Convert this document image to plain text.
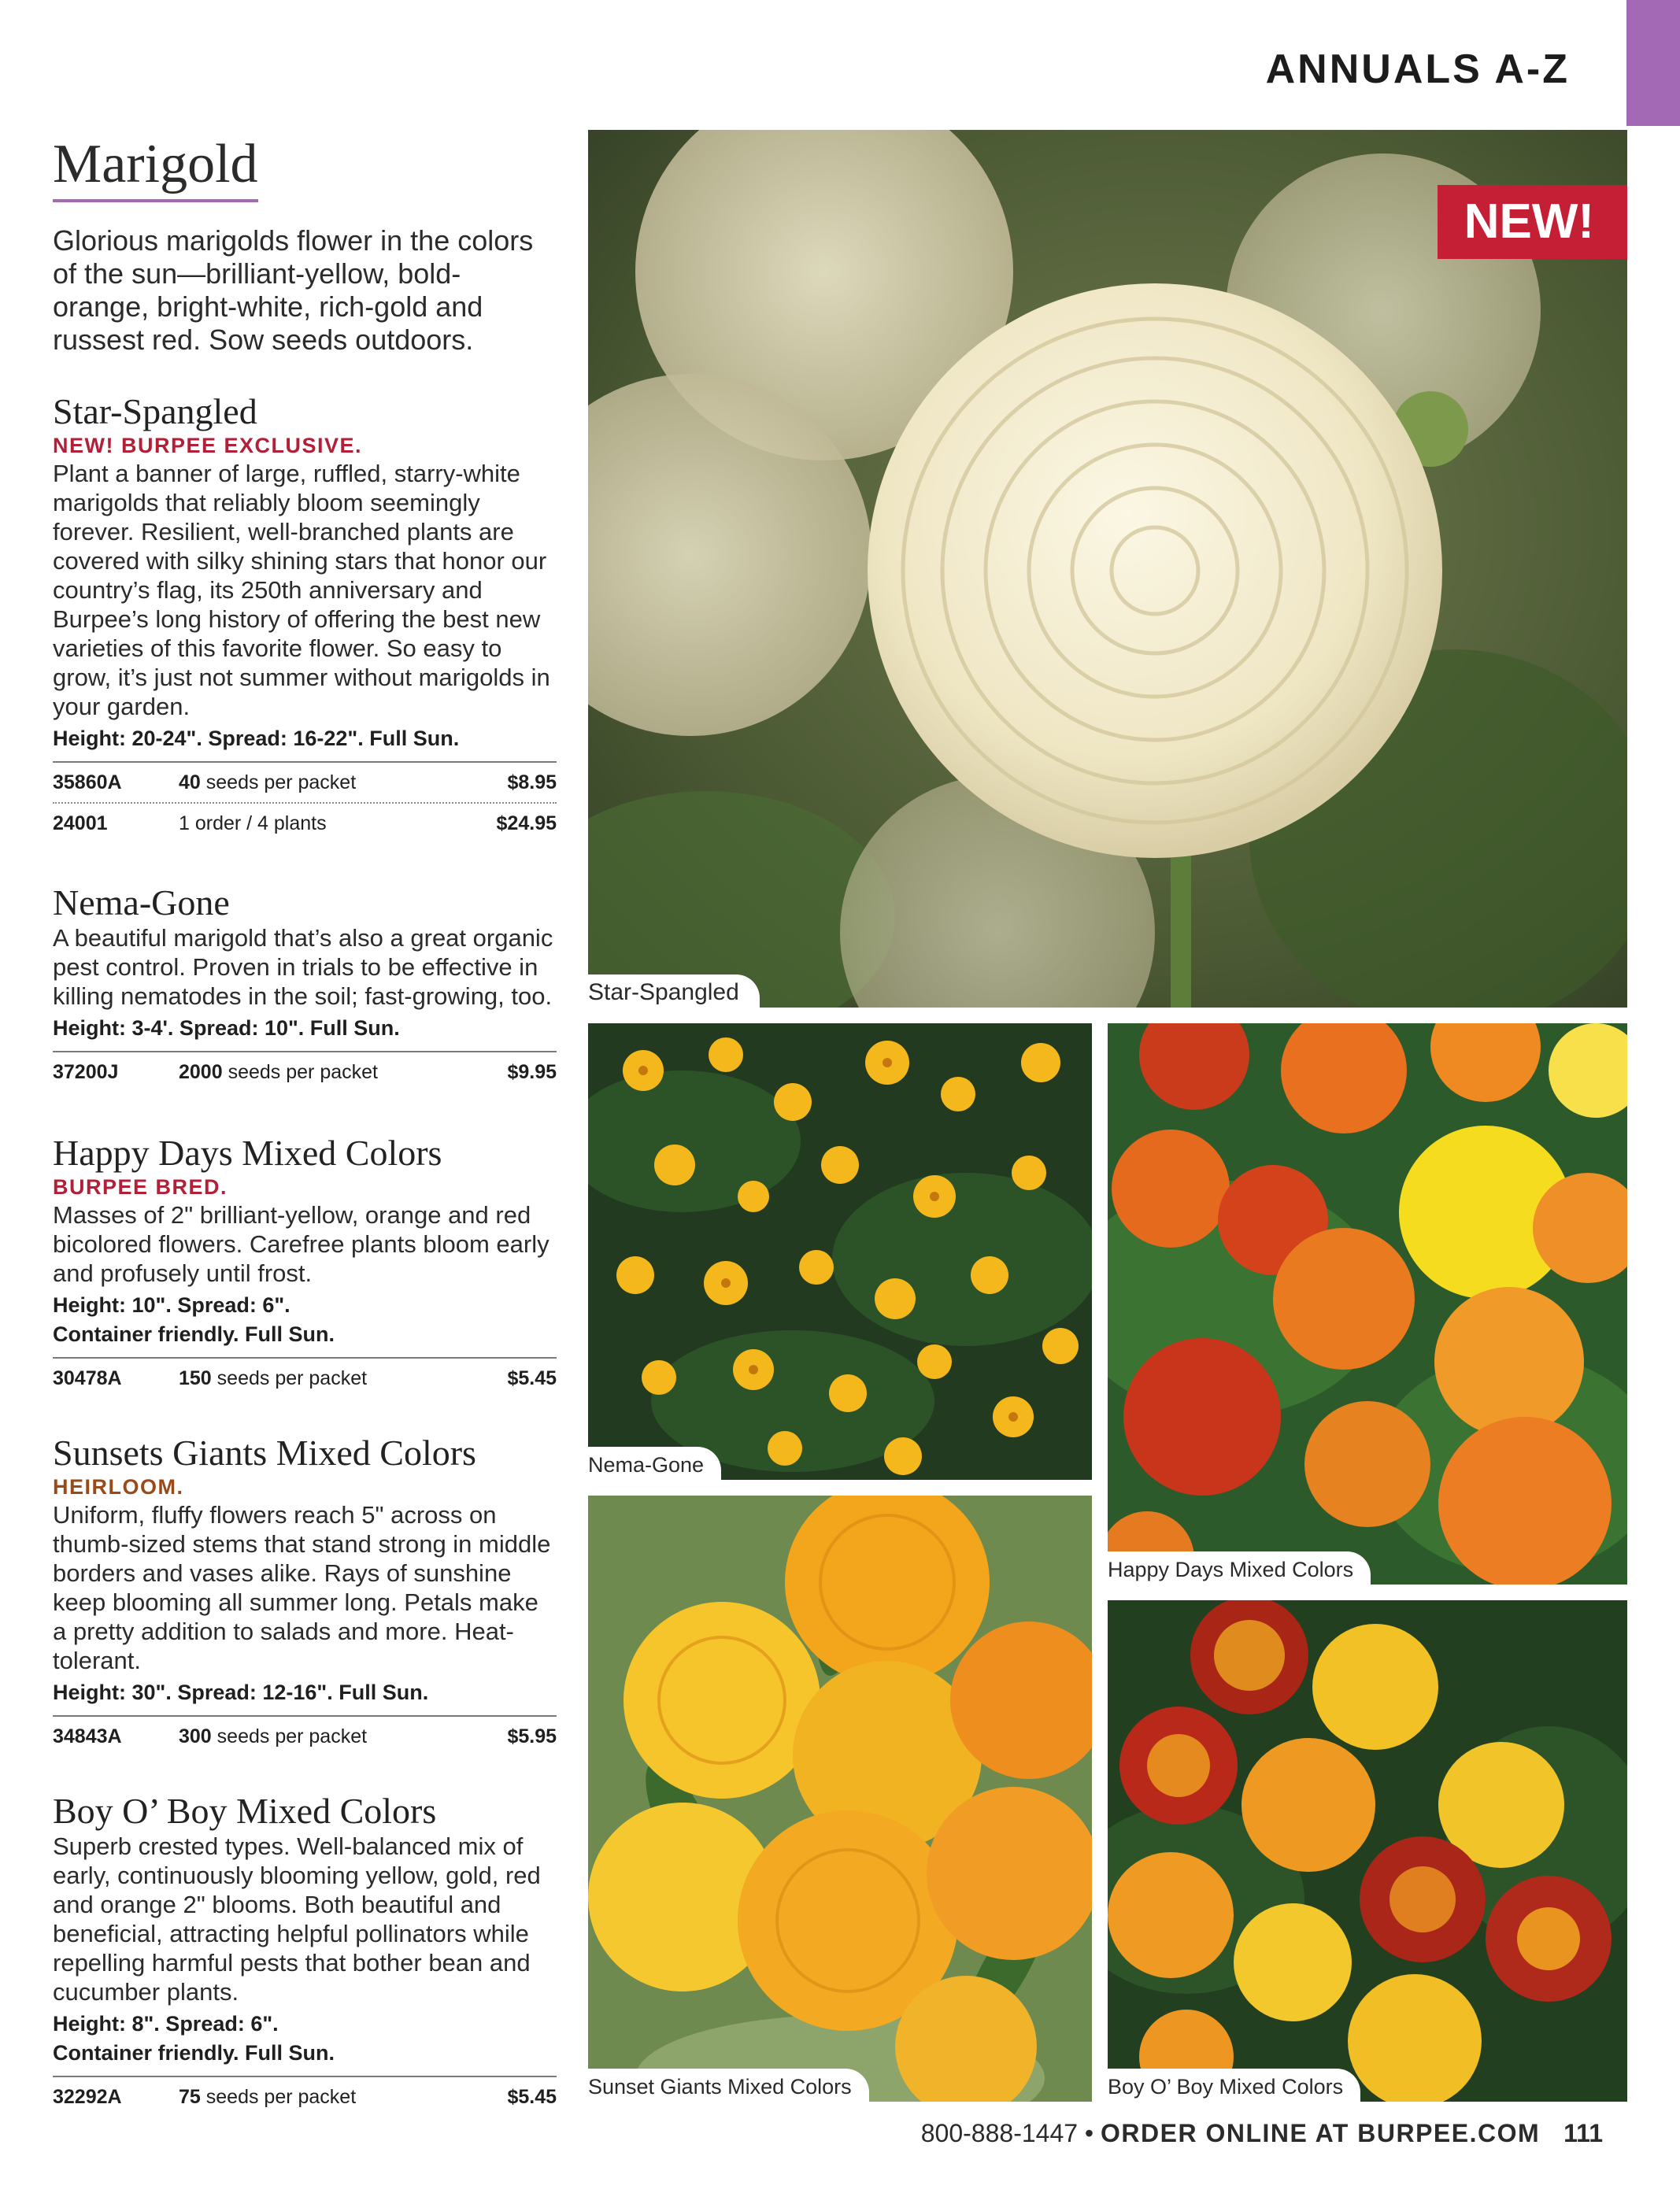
ANNUALS A-Z
Marigold

Glorious marigolds flower in the colors of the sun—brilliant-yellow, bold-orange, bright-white, rich-gold and russest red. Sow seeds outdoors.

Star-Spangled
NEW! BURPEE EXCLUSIVE.

Plant a banner of large, ruffled, starry-white marigolds that reliably bloom seemingly forever. Resilient, well-branched plants are covered with silky shining stars that honor our country’s flag, its 250th anniversary and Burpee’s long history of offering the best new varieties of this favorite flower. So easy to grow, it’s just not summer without marigolds in your garden.

Height: 20-24". Spread: 16-22". Full Sun.

35860A	40 seeds per packet	$8.95
24001	1 order / 4 plants	$24.95
Nema-Gone

A beautiful marigold that’s also a great organic pest control. Proven in trials to be effective in killing nematodes in the soil; fast-growing, too.

Height: 3-4'. Spread: 10". Full Sun.

37200J	2000 seeds per packet	$9.95
Happy Days Mixed Colors
BURPEE BRED.

Masses of 2" brilliant-yellow, orange and red bicolored flowers. Carefree plants bloom early and profusely until frost.

Height: 10". Spread: 6".

Container friendly. Full Sun.

30478A	150 seeds per packet	$5.45
Sunsets Giants Mixed Colors
HEIRLOOM.

Uniform, fluffy flowers reach 5" across on thumb-sized stems that stand strong in middle borders and vases alike. Rays of sunshine keep blooming all summer long. Petals make a pretty addition to salads and more. Heat-tolerant.

Height: 30". Spread: 12-16". Full Sun.

34843A	300 seeds per packet	$5.95
Boy O’ Boy Mixed Colors

Superb crested types. Well-balanced mix of early, continuously blooming yellow, gold, red and orange 2" blooms. Both beautiful and beneficial, attracting helpful pollinators while repelling harmful pests that bother bean and cucumber plants.

Height: 8". Spread: 6".

Container friendly. Full Sun.

32292A	75 seeds per packet	$5.45
NEW!
Star-Spangled
Nema-Gone
Happy Days Mixed Colors
Sunset Giants Mixed Colors	Boy O’ Boy Mixed Colors
800-888-1447 • ORDER ONLINE AT BURPEE.COM 111
